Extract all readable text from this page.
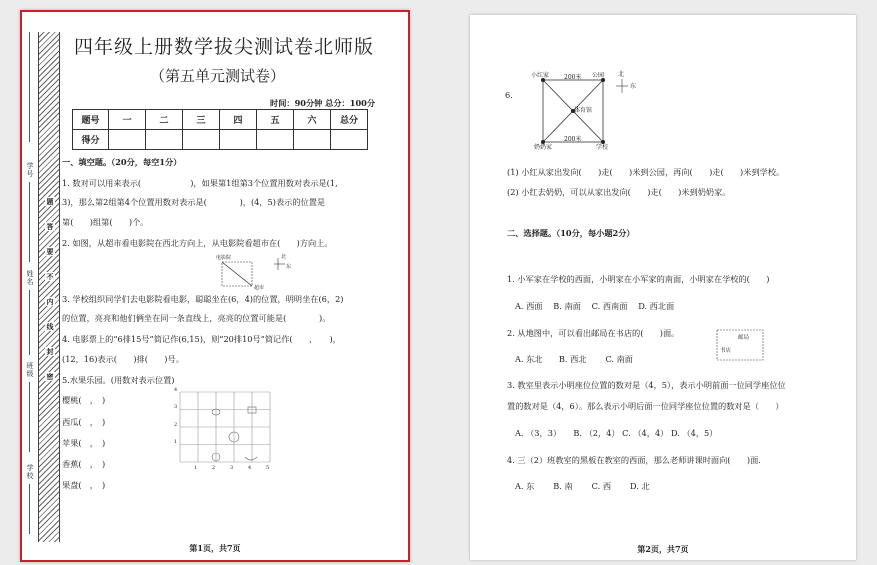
学号
姓名
班级
学校
题
答
要
不
内
线
封
密
四年级上册数学拔尖测试卷北师版
（第五单元测试卷）
时间：90分钟 总分：100分
题号	一	二	三	四	五	六	总分
得分							
一、填空题。（20分，每空1分）
1. 数对可以用来表示(　　　　　　)，如果第1组第3个位置用数对表示是(1,
3)，那么第2组第4个位置用数对表示是(　　　　)，(4，5)表示的位置是
第(　　)组第(　　)个。
2. 如图，从超市看电影院在西北方向上，从电影院看超市在(　　)方向上。
电影院
超市
北
东
3. 学校组织同学们去电影院看电影，聪聪坐在(6，4)的位置，明明坐在(6，2)
的位置，亮亮和他们俩坐在同一条直线上，亮亮的位置可能是(　　　　)。
4. 电影票上的“6排15号”简记作(6,15)，则“20排10号”简记作(　　，　　)，
(12，16)表示(　　)排(　　)号。
5.水果乐园。(用数对表示位置)
樱桃(　，　)
西瓜(　，　)
苹果(　，　)
香蕉(　，　)
果盘(　，　)
1	2	3	4	5
1
2
3
4
第1页，共7页
6.
小红家	公园
200米
200米
体育馆
奶奶家	学校
北
东
(1) 小红从家出发向(　　)走(　　)米到公园，再向(　　)走(　　)米到学校。
(2) 小红去奶奶，可以从家出发向(　　)走(　　)米到奶奶家。
二、选择题。（10分，每小题2分）
1. 小军家在学校的西面，小明家在小军家的南面，小明家在学校的(　　)
A. 西面　 B. 南面　 C. 西南面　 D. 西北面
2. 从地图中，可以看出邮局在书店的(　　)面。	邮局
书店
A. 东北　　B. 西北　　 C. 南面
3. 教室里表示小明座位位置的数对是（4，5），表示小明前面一位同学座位位
置的数对是（4，6）。那么表示小明后面一位同学座位位置的数对是（　　）
A. （3，3）　　B. （2，4） C. （4，4） D. （4，5）
4. 三（2）班教室的黑板在教室的西面，那么老师讲课时面向(　　)面.
A. 东　　 B. 南　　 C. 西　　 D. 北
第2页，共7页
